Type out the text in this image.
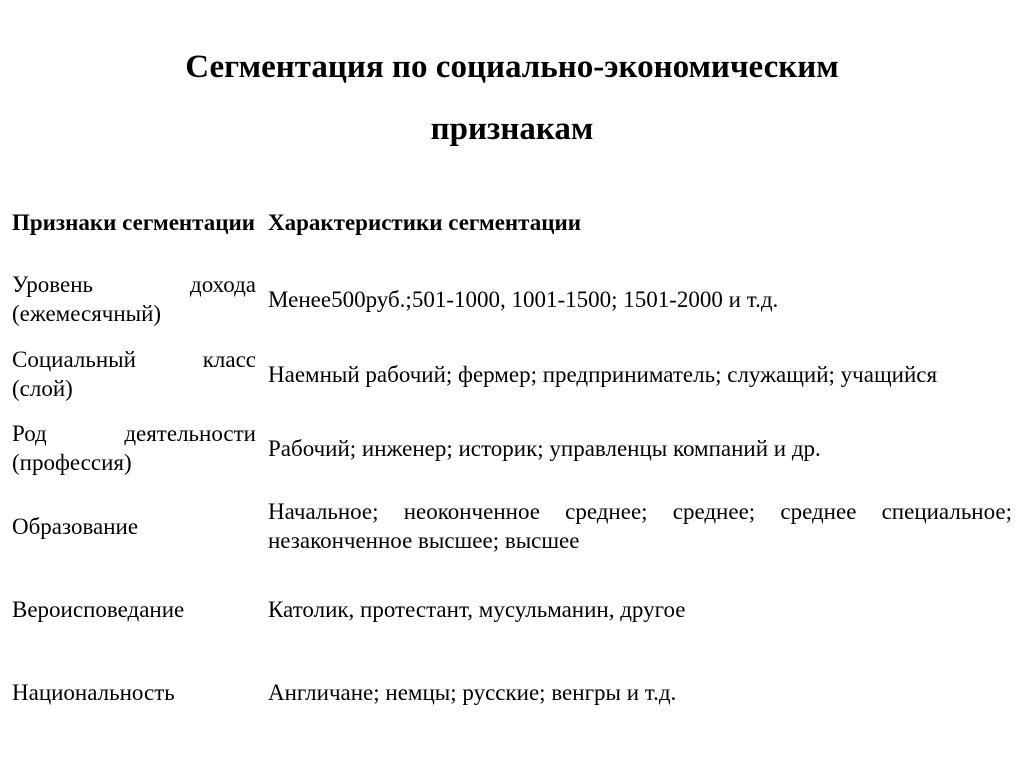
Сегментация по социально-экономическим
признакам
Признаки сегментации	Характеристики сегментации
Уровень дохода (ежемесячный)	Менее500руб.;501-1000, 1001-1500; 1501-2000 и т.д.
Социальный класс (слой)	Наемный рабочий; фермер; предприниматель; служащий; учащийся
Род деятельности (профессия)	Рабочий; инженер; историк; управленцы компаний и др.
Образование	Начальное; неоконченное среднее; среднее; среднее специальное; незаконченное высшее; высшее
Вероисповедание	Католик, протестант, мусульманин, другое
Национальность	Англичане; немцы; русские; венгры и т.д.
